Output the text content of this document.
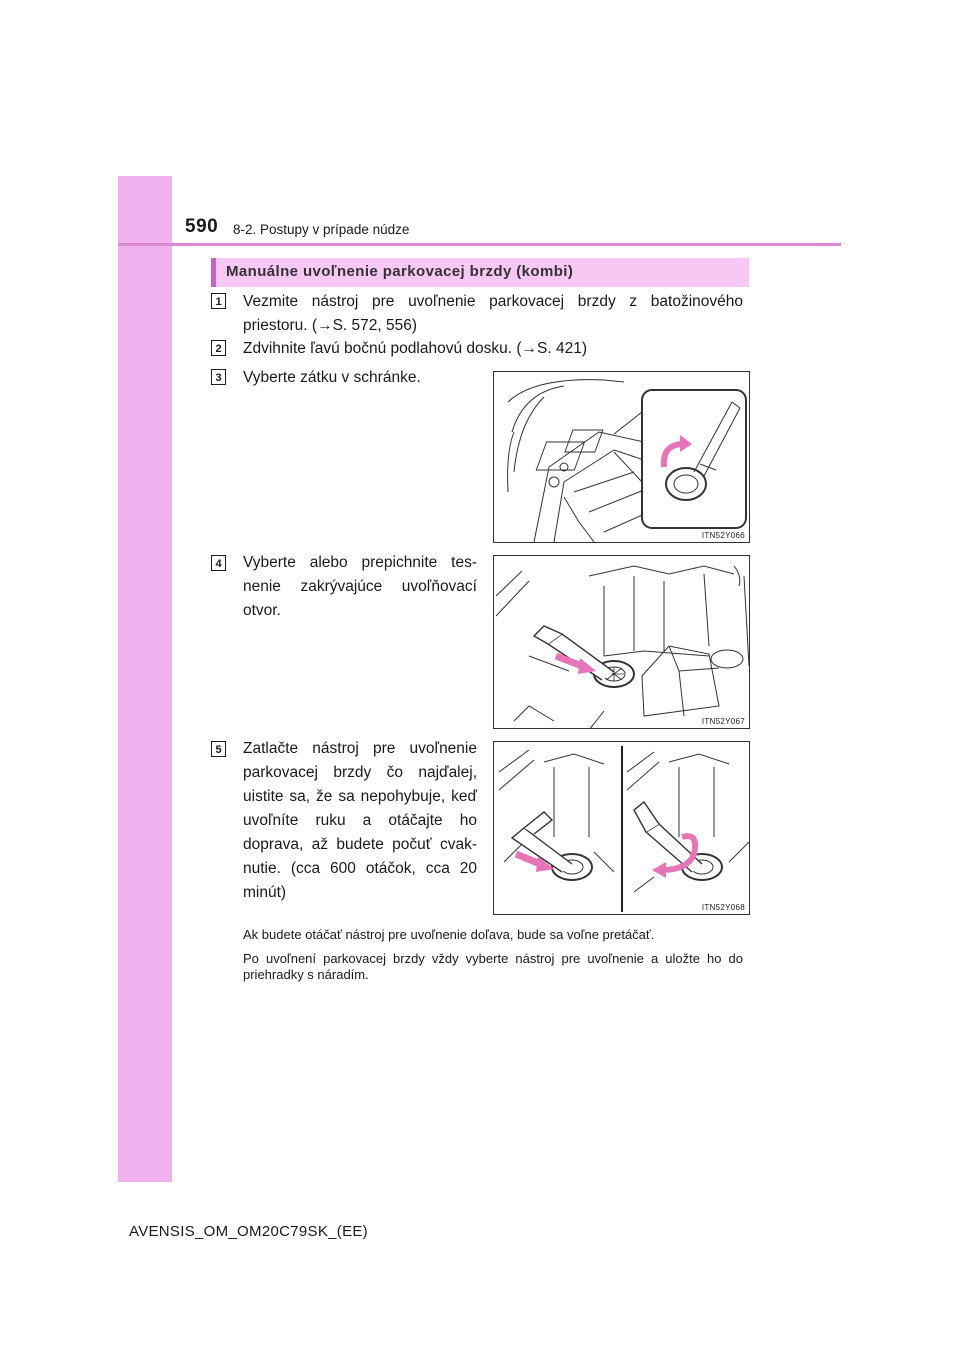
590 8-2. Postupy v prípade núdze
Manuálne uvoľnenie parkovacej brzdy (kombi)
1 Vezmite nástroj pre uvoľnenie parkovacej brzdy z batožinového priestoru. (→S. 572, 556)
2 Zdvihnite ľavú bočnú podlahovú dosku. (→S. 421)
3 Vyberte zátku v schránke.
4 Vyberte alebo prepichnite tes-nenie zakrývajúce uvoľňovací otvor.
5 Zatlačte nástroj pre uvoľnenie parkovacej brzdy čo najďalej, uistite sa, že sa nepohybuje, keď uvoľníte ruku a otáčajte ho doprava, až budete počuť cvak-nutie. (cca 600 otáčok, cca 20 minút)
ITN52Y066
ITN52Y067
ITN52Y068
Ak budete otáčať nástroj pre uvoľnenie doľava, bude sa voľne pretáčať.
Po uvoľnení parkovacej brzdy vždy vyberte nástroj pre uvoľnenie a uložte ho do priehradky s náradím.
AVENSIS_OM_OM20C79SK_(EE)
